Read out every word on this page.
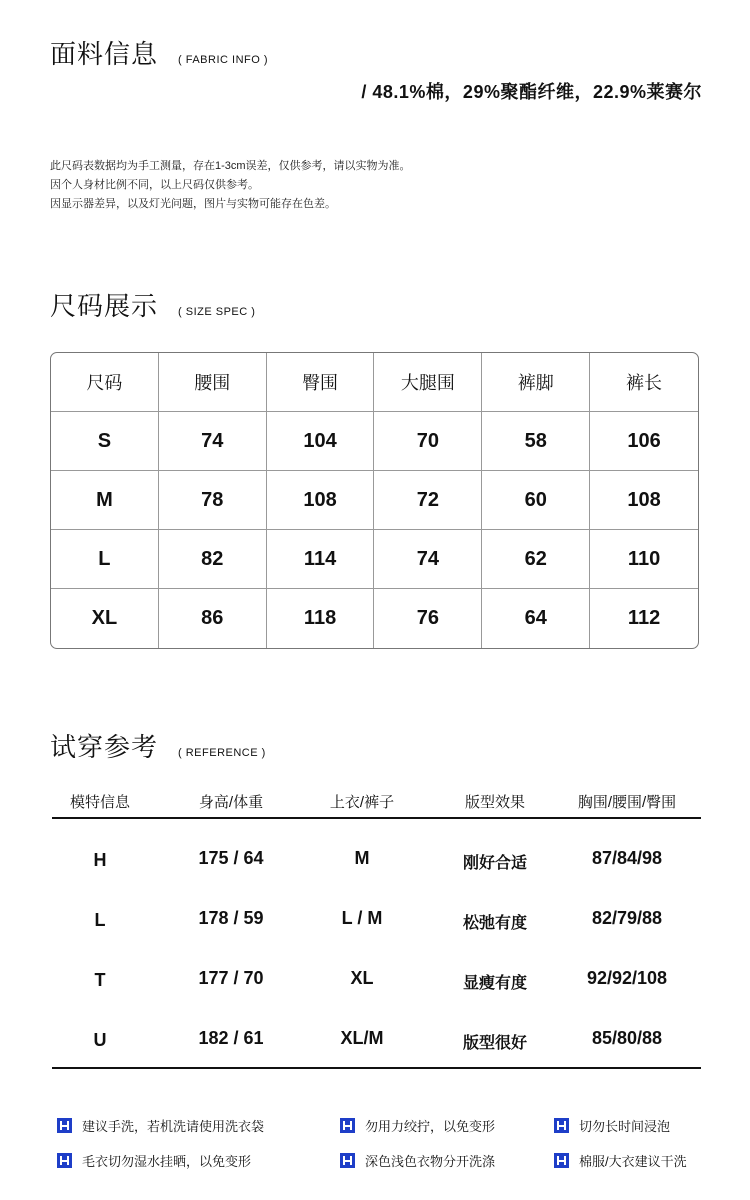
面料信息 ( FABRIC INFO )
/ 48.1%棉，29%聚酯纤维，22.9%莱赛尔
此尺码表数据均为手工测量，存在1-3cm误差，仅供参考，请以实物为准。
因个人身材比例不同，以上尺码仅供参考。
因显示器差异，以及灯光问题，图片与实物可能存在色差。
尺码展示 ( SIZE SPEC )
尺码	腰围	臀围	大腿围	裤脚	裤长
S	74	104	70	58	106
M	78	108	72	60	108
L	82	114	74	62	110
XL	86	118	76	64	112
试穿参考 ( REFERENCE )
模特信息	身高/体重	上衣/裤子	版型效果	胸围/腰围/臀围
H	175 / 64	M	刚好合适	87/84/98
L	178 / 59	L / M	松弛有度	82/79/88
T	177 / 70	XL	显瘦有度	92/92/108
U	182 / 61	XL/M	版型很好	85/80/88
建议手洗，若机洗请使用洗衣袋	勿用力绞拧，以免变形	切勿长时间浸泡
毛衣切勿湿水挂晒，以免变形	深色浅色衣物分开洗涤	棉服/大衣建议干洗
